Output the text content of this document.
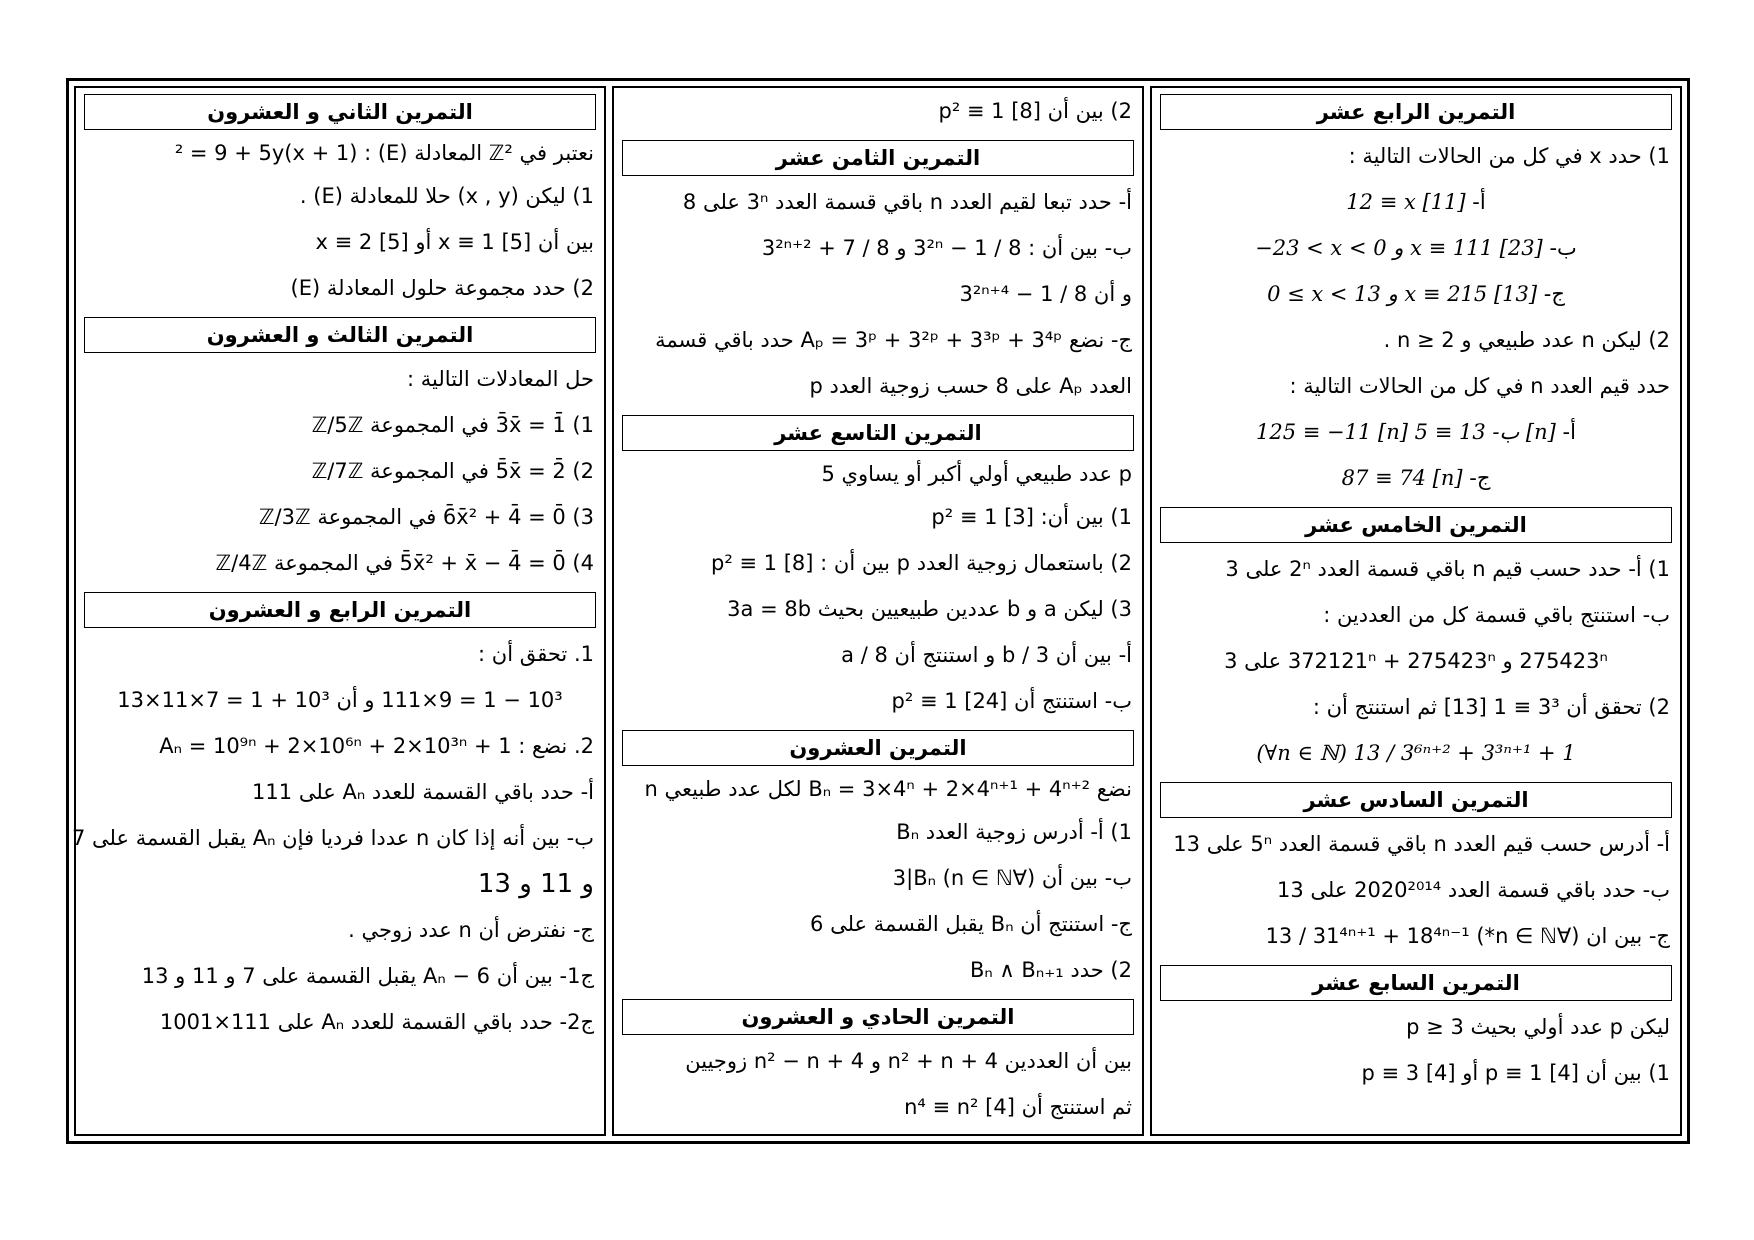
التمرين الرابع عشر
1) حدد x في كل من الحالات التالية :
أ- 12 ≡ x [11]
ب- −23 < x < 0 و x ≡ 111 [23]
ج- 0 ≤ x < 13 و x ≡ 215 [13]
2) ليكن n عدد طبيعي و n ≥ 2 .
حدد قيم العدد n في كل من الحالات التالية :
أ- 125 ≡ −11 [n] ب- 13 ≡ 5 [n]
ج- 87 ≡ 74 [n]
التمرين الخامس عشر
1) أ- حدد حسب قيم n باقي قسمة العدد 2ⁿ على 3
ب- استنتج باقي قسمة كل من العددين :
275423ⁿ و 372121ⁿ + 275423ⁿ على 3
2) تحقق أن 3³ ≡ 1 [13] ثم استنتج أن :
(∀n ∈ ℕ) 13 / 3⁶ⁿ⁺² + 3³ⁿ⁺¹ + 1
التمرين السادس عشر
أ- أدرس حسب قيم العدد n باقي قسمة العدد 5ⁿ على 13
ب- حدد باقي قسمة العدد 2020²⁰¹⁴ على 13
ج- بين ان (∀n ∈ ℕ*) 13 / 31⁴ⁿ⁺¹ + 18⁴ⁿ⁻¹
التمرين السابع عشر
ليكن p عدد أولي بحيث p ≥ 3
1) بين أن p ≡ 1 [4] أو p ≡ 3 [4]
2) بين أن p² ≡ 1 [8]
التمرين الثامن عشر
أ- حدد تبعا لقيم العدد n باقي قسمة العدد 3ⁿ على 8
ب- بين أن : 8 / 3²ⁿ − 1 و 8 / 3²ⁿ⁺² + 7
و أن 8 / 3²ⁿ⁺⁴ − 1
ج- نضع Aₚ = 3ᵖ + 3²ᵖ + 3³ᵖ + 3⁴ᵖ حدد باقي قسمة
العدد Aₚ على 8 حسب زوجية العدد p
التمرين التاسع عشر
p عدد طبيعي أولي أكبر أو يساوي 5
1) بين أن: p² ≡ 1 [3]
2) باستعمال زوجية العدد p بين أن : p² ≡ 1 [8]
3) ليكن a و b عددين طبيعيين بحيث 3a = 8b
أ- بين أن 3 / b و استنتج أن 8 / a
ب- استنتج أن p² ≡ 1 [24]
التمرين العشرون
نضع Bₙ = 3×4ⁿ + 2×4ⁿ⁺¹ + 4ⁿ⁺² لكل عدد طبيعي n
1) أ- أدرس زوجية العدد Bₙ
ب- بين أن (∀n ∈ ℕ) 3|Bₙ
ج- استنتج أن Bₙ يقبل القسمة على 6
2) حدد Bₙ ∧ Bₙ₊₁
التمرين الحادي و العشرون
بين أن العددين n² + n + 4 و n² − n + 4 زوجيين
ثم استنتج أن n⁴ ≡ n² [4]
التمرين الثاني و العشرون
نعتبر في ℤ² المعادلة (E) : (x + 1)² = 9 + 5y
1) ليكن (x , y) حلا للمعادلة (E) .
بين أن x ≡ 1 [5] أو x ≡ 2 [5]
2) حدد مجموعة حلول المعادلة (E)
التمرين الثالث و العشرون
حل المعادلات التالية :
1) 3̄x̄ = 1̄ في المجموعة ℤ/5ℤ
2) 5̄x̄ = 2̄ في المجموعة ℤ/7ℤ
3) 6̄x̄² + 4̄ = 0̄ في المجموعة ℤ/3ℤ
4) 5̄x̄² + x̄ − 4̄ = 0̄ في المجموعة ℤ/4ℤ
التمرين الرابع و العشرون
1. تحقق أن :
10³ − 1 = 9×111 و أن 10³ + 1 = 7×11×13
2. نضع : Aₙ = 10⁹ⁿ + 2×10⁶ⁿ + 2×10³ⁿ + 1
أ- حدد باقي القسمة للعدد Aₙ على 111
ب- بين أنه إذا كان n عددا فرديا فإن Aₙ يقبل القسمة على 7
و 11 و 13
ج- نفترض أن n عدد زوجي .
ج1- بين أن Aₙ − 6 يقبل القسمة على 7 و 11 و 13
ج2- حدد باقي القسمة للعدد Aₙ على 111×1001
